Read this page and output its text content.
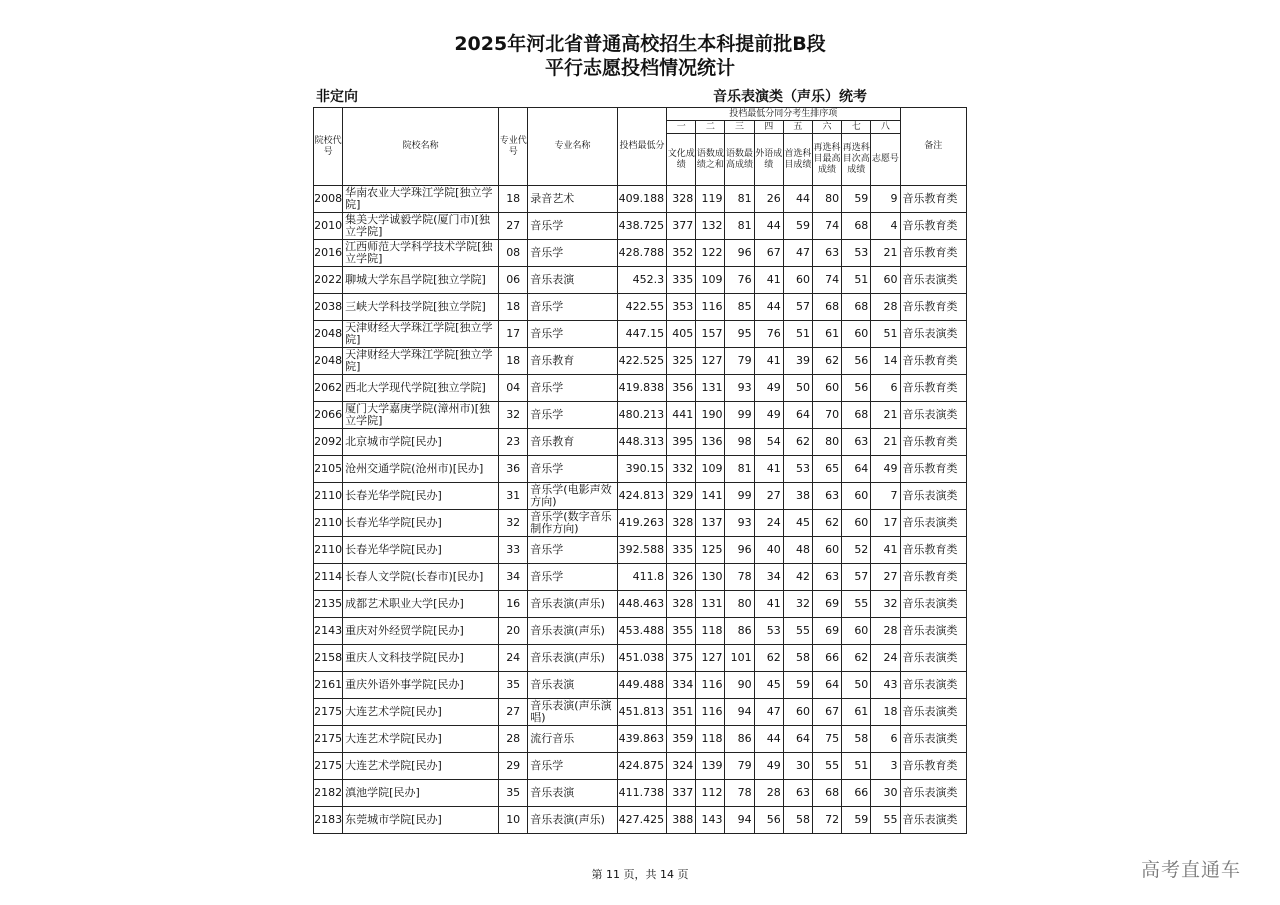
2025年河北省普通高校招生本科提前批B段
平行志愿投档情况统计
非定向	音乐表演类（声乐）统考
院校代号	院校名称	专业代号	专业名称	投档最低分	投档最低分同分考生排序项								备注
					一	二	三	四	五	六	七	八	
					文化成绩	语数成绩之和	语数最高成绩	外语成绩	首选科目成绩	再选科目最高成绩	再选科目次高成绩	志愿号	
2008	华南农业大学珠江学院[独立学院]	18	录音艺术	409.188	328	119	81	26	44	80	59	9	音乐教育类
2010	集美大学诚毅学院(厦门市)[独立学院]	27	音乐学	438.725	377	132	81	44	59	74	68	4	音乐教育类
2016	江西师范大学科学技术学院[独立学院]	08	音乐学	428.788	352	122	96	67	47	63	53	21	音乐教育类
2022	聊城大学东昌学院[独立学院]	06	音乐表演	452.3	335	109	76	41	60	74	51	60	音乐表演类
2038	三峡大学科技学院[独立学院]	18	音乐学	422.55	353	116	85	44	57	68	68	28	音乐教育类
2048	天津财经大学珠江学院[独立学院]	17	音乐学	447.15	405	157	95	76	51	61	60	51	音乐表演类
2048	天津财经大学珠江学院[独立学院]	18	音乐教育	422.525	325	127	79	41	39	62	56	14	音乐教育类
2062	西北大学现代学院[独立学院]	04	音乐学	419.838	356	131	93	49	50	60	56	6	音乐教育类
2066	厦门大学嘉庚学院(漳州市)[独立学院]	32	音乐学	480.213	441	190	99	49	64	70	68	21	音乐表演类
2092	北京城市学院[民办]	23	音乐教育	448.313	395	136	98	54	62	80	63	21	音乐教育类
2105	沧州交通学院(沧州市)[民办]	36	音乐学	390.15	332	109	81	41	53	65	64	49	音乐教育类
2110	长春光华学院[民办]	31	音乐学(电影声效方向)	424.813	329	141	99	27	38	63	60	7	音乐表演类
2110	长春光华学院[民办]	32	音乐学(数字音乐制作方向)	419.263	328	137	93	24	45	62	60	17	音乐表演类
2110	长春光华学院[民办]	33	音乐学	392.588	335	125	96	40	48	60	52	41	音乐教育类
2114	长春人文学院(长春市)[民办]	34	音乐学	411.8	326	130	78	34	42	63	57	27	音乐教育类
2135	成都艺术职业大学[民办]	16	音乐表演(声乐)	448.463	328	131	80	41	32	69	55	32	音乐表演类
2143	重庆对外经贸学院[民办]	20	音乐表演(声乐)	453.488	355	118	86	53	55	69	60	28	音乐表演类
2158	重庆人文科技学院[民办]	24	音乐表演(声乐)	451.038	375	127	101	62	58	66	62	24	音乐表演类
2161	重庆外语外事学院[民办]	35	音乐表演	449.488	334	116	90	45	59	64	50	43	音乐表演类
2175	大连艺术学院[民办]	27	音乐表演(声乐演唱)	451.813	351	116	94	47	60	67	61	18	音乐表演类
2175	大连艺术学院[民办]	28	流行音乐	439.863	359	118	86	44	64	75	58	6	音乐表演类
2175	大连艺术学院[民办]	29	音乐学	424.875	324	139	79	49	30	55	51	3	音乐教育类
2182	滇池学院[民办]	35	音乐表演	411.738	337	112	78	28	63	68	66	30	音乐表演类
2183	东莞城市学院[民办]	10	音乐表演(声乐)	427.425	388	143	94	56	58	72	59	55	音乐表演类
第 11 页，共 14 页	高考直通车
